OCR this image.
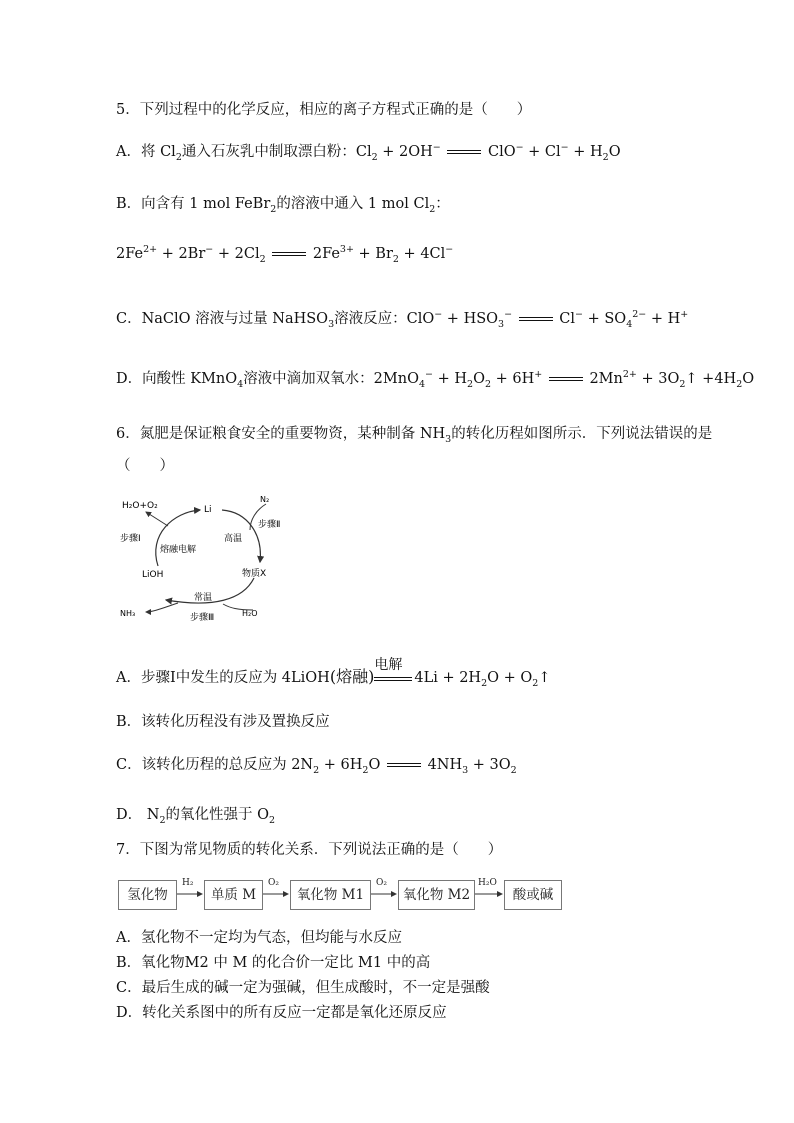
5．下列过程中的化学反应，相应的离子方程式正确的是（　　）
A．将 $Cl_2$通入石灰乳中制取漂白粉：$Cl_2 + 2OH^-$	$ClO^- + Cl^- + H_2O$
B．向含有 1 mol FeBr$_2$的溶液中通入 1 mol $Cl_2$：
$2Fe^{2+} + 2Br^- + 2Cl_2$	$2Fe^{3+} + Br_2 + 4Cl^-$
C．NaClO 溶液与过量 NaHSO$_3$溶液反应：$ClO^- + HSO_3^-$	$Cl^- + SO_4^{2-} + H^+$
D．向酸性 KMnO$_4$溶液中滴加双氧水：$2MnO_4^- + H_2O_2 + 6H^+$	$2Mn^{2+}$ + $3O_2↑ +4H_2O$
6．氮肥是保证粮食安全的重要物资，某种制备 $NH_3$的转化历程如图所示．下列说法错误的是
（　　）
H₂O+O₂	Li
N₂
步骤Ⅱ
步骤Ⅰ	高温
熔融电解
LiOH	物质X
常温
NH₃	H₂O
步骤Ⅲ
A．步骤Ⅰ中发生的反应为 4LiOH(熔融)
电解
$4Li + 2H_2O$ + $O_2↑$
B．该转化历程没有涉及置换反应
C．该转化历程的总反应为 $2N_2 + 6H_2O$	$4NH_3 + 3O_2$
D． $N_2$的氧化性强于 $O_2$
7．下图为常见物质的转化关系．下列说法正确的是（　　）
氢化物
H₂
单质 M
O₂
氧化物 M1
O₂
氧化物 M2
H₂O
酸或碱
A．氢化物不一定均为气态，但均能与水反应
B．氧化物M2 中 M 的化合价一定比 M1 中的高
C．最后生成的碱一定为强碱，但生成酸时，不一定是强酸
D．转化关系图中的所有反应一定都是氧化还原反应
